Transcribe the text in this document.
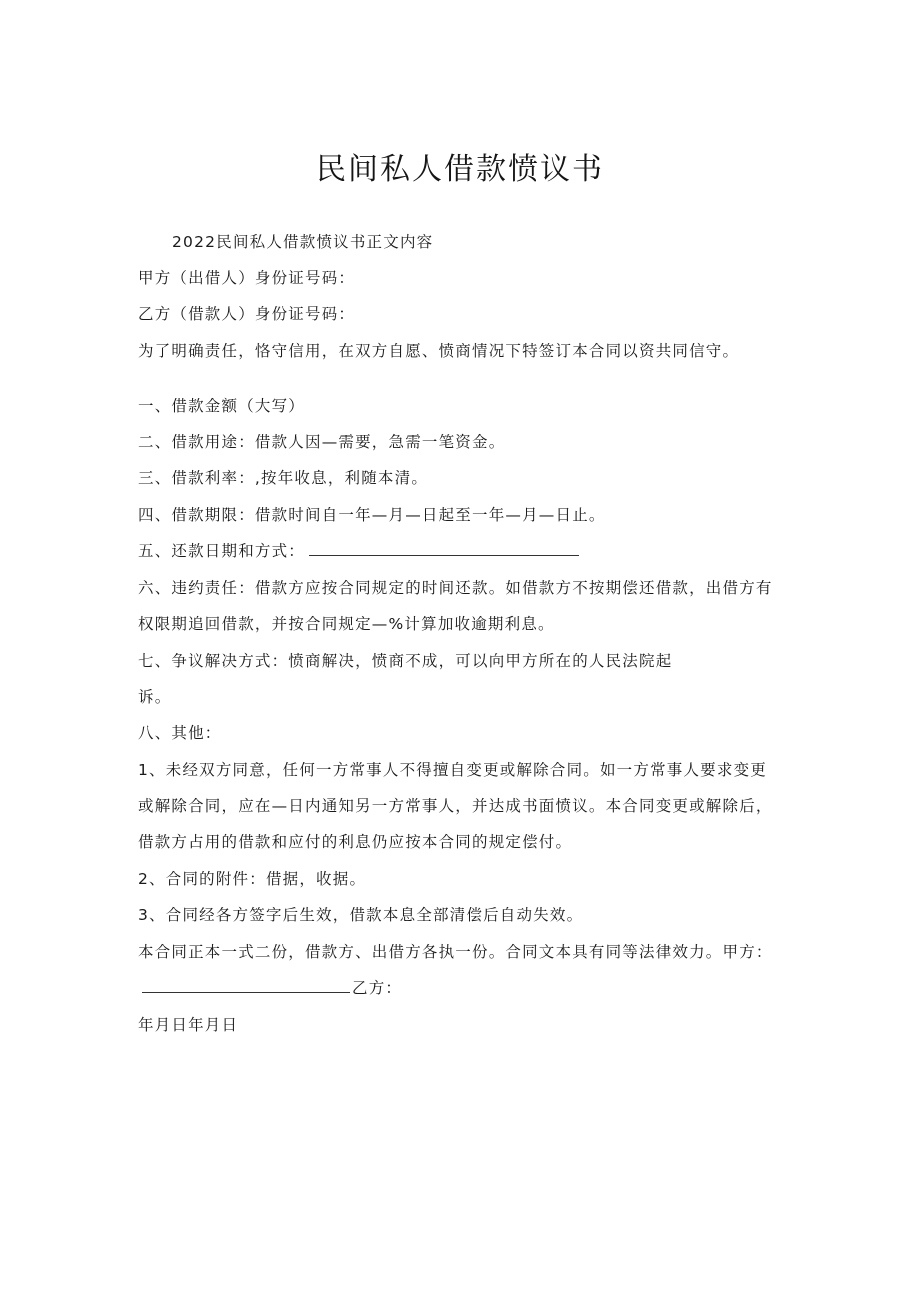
民间私人借款愤议书
2022民间私人借款愤议书正文内容
甲方（出借人）身份证号码：
乙方（借款人）身份证号码：
为了明确责任，恪守信用，在双方自愿、愤商情况下特签订本合同以资共同信守。
一、借款金额（大写）
二、借款用途：借款人因—需要，急需一笔资金。
三、借款利率：,按年收息，利随本清。
四、借款期限：借款时间自一年—月—日起至一年—月—日止。
五、还款日期和方式：
六、违约责任：借款方应按合同规定的时间还款。如借款方不按期偿还借款，出借方有
权限期追回借款，并按合同规定—%计算加收逾期利息。
七、争议解决方式：愤商解决，愤商不成，可以向甲方所在的人民法院起
诉。
八、其他：
1、未经双方同意，任何一方常事人不得擅自变更或解除合同。如一方常事人要求变更
或解除合同，应在—日内通知另一方常事人，并达成书面愤议。本合同变更或解除后，
借款方占用的借款和应付的利息仍应按本合同的规定偿付。
2、合同的附件：借据，收据。
3、合同经各方签字后生效，借款本息全部清偿后自动失效。
本合同正本一式二份，借款方、出借方各执一份。合同文本具有同等法律效力。甲方：
乙方：
年月日年月日
